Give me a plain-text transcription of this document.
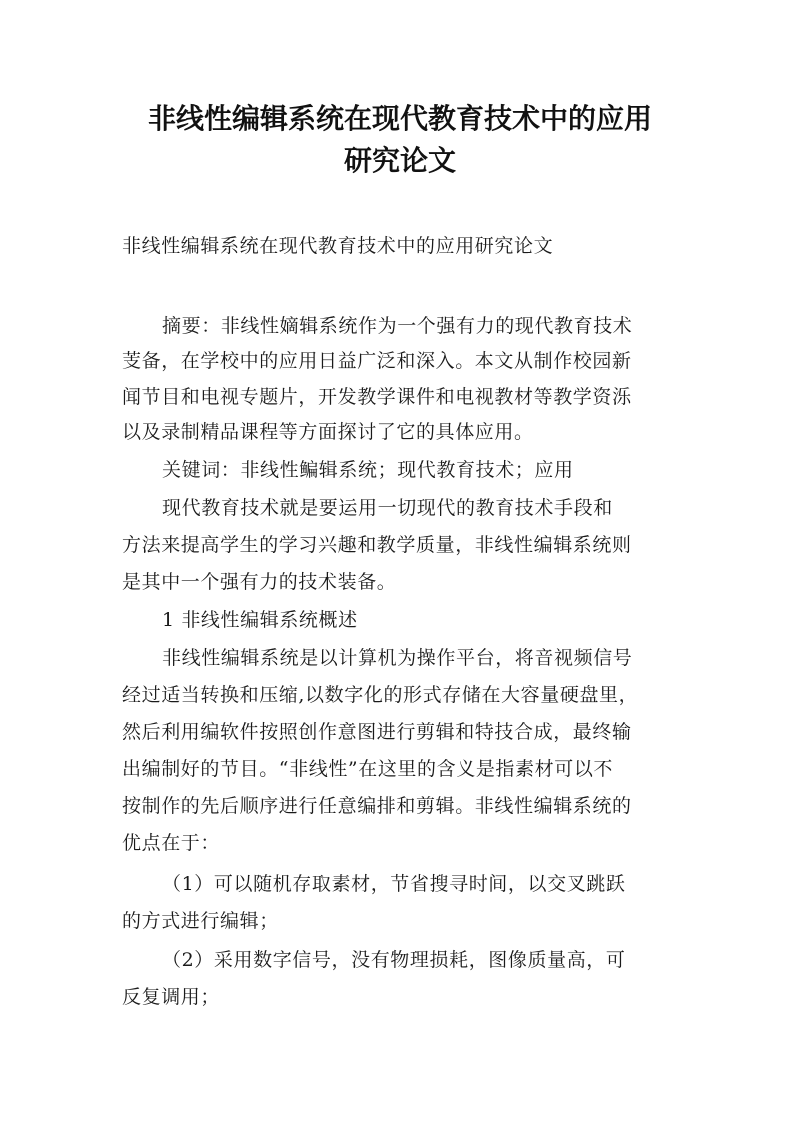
非线性编辑系统在现代教育技术中的应用
研究论文
非线性编辑系统在现代教育技术中的应用研究论文
摘要：非线性嫡辑系统作为一个强有力的现代教育技术
芰备，在学校中的应用日益广泛和深入。本文从制作校园新
闻节目和电视专题片，开发教学课件和电视教材等教学资泺
以及录制精品课程等方面探讨了它的具体应用。
关键词：非线性鳊辑系统；现代教育技术；应用
现代教育技术就是要运用一切现代的教育技术手段和
方法来提高学生的学习兴趣和教学质量，非线性编辑系统则
是其中一个强有力的技术装备。
1 非线性编辑系统概述
非线性编辑系统是以计算机为操作平台，将音视频信号
经过适当转换和压缩,以数字化的形式存储在大容量硬盘里，
然后利用编软件按照创作意图进行剪辑和特技合成，最终输
出编制好的节目。“非线性”在这里的含义是指素材可以不
按制作的先后顺序进行任意编排和剪辑。非线性编辑系统的
优点在于：
（1）可以随机存取素材，节省搜寻时间，以交叉跳跃
的方式进行编辑；
（2）采用数字信号，没有物理损耗，图像质量高，可
反复调用；
